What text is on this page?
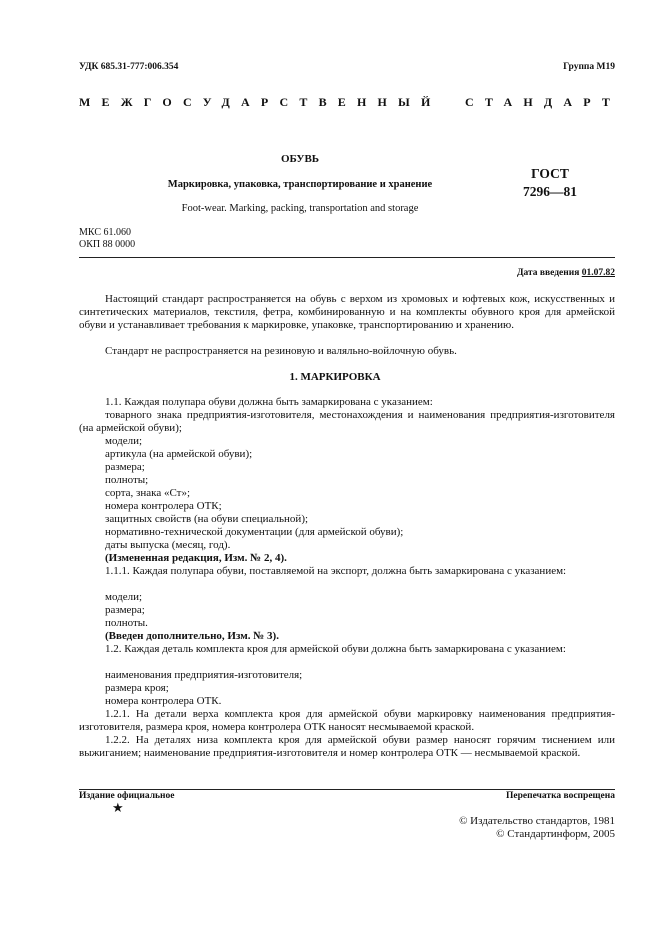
УДК 685.31-777:006.354	Группа М19
МЕЖГОСУДАРСТВЕННЫЙ СТАНДАРТ
ОБУВЬ
Маркировка, упаковка, транспортирование и хранение
Foot-wear. Marking, packing, transportation and storage
ГОСТ
7296—81
МКС 61.060
ОКП 88 0000
Дата введения 01.07.82
Настоящий стандарт распространяется на обувь с верхом из хромовых и юфтевых кож, искусственных и синтетических материалов, текстиля, фетра, комбинированную и на комплекты обувного кроя для армейской обуви и устанавливает требования к маркировке, упаковке, транспортированию и хранению.
Стандарт не распространяется на резиновую и валяльно-войлочную обувь.
1. МАРКИРОВКА
1.1. Каждая полупара обуви должна быть замаркирована с указанием:
товарного знака предприятия-изготовителя, местонахождения и наименования предприятия-изготовителя (на армейской обуви);
модели;
артикула (на армейской обуви);
размера;
полноты;
сорта, знака «Ст»;
номера контролера ОТК;
защитных свойств (на обуви специальной);
нормативно-технической документации (для армейской обуви);
даты выпуска (месяц, год).
(Измененная редакция, Изм. № 2, 4).
1.1.1. Каждая полупара обуви, поставляемой на экспорт, должна быть замаркирована с указанием:
модели;
размера;
полноты.
(Введен дополнительно, Изм. № 3).
1.2. Каждая деталь комплекта кроя для армейской обуви должна быть замаркирована с указанием:
наименования предприятия-изготовителя;
размера кроя;
номера контролера ОТК.
1.2.1. На детали верха комплекта кроя для армейской обуви маркировку наименования предприятия-изготовителя, размера кроя, номера контролера ОТК наносят несмываемой краской.
1.2.2. На деталях низа комплекта кроя для армейской обуви размер наносят горячим тиснением или выжиганием; наименование предприятия-изготовителя и номер контролера ОТК — несмываемой краской.
Издание официальное	Перепечатка воспрещена
★
© Издательство стандартов, 1981
© Стандартинформ, 2005
